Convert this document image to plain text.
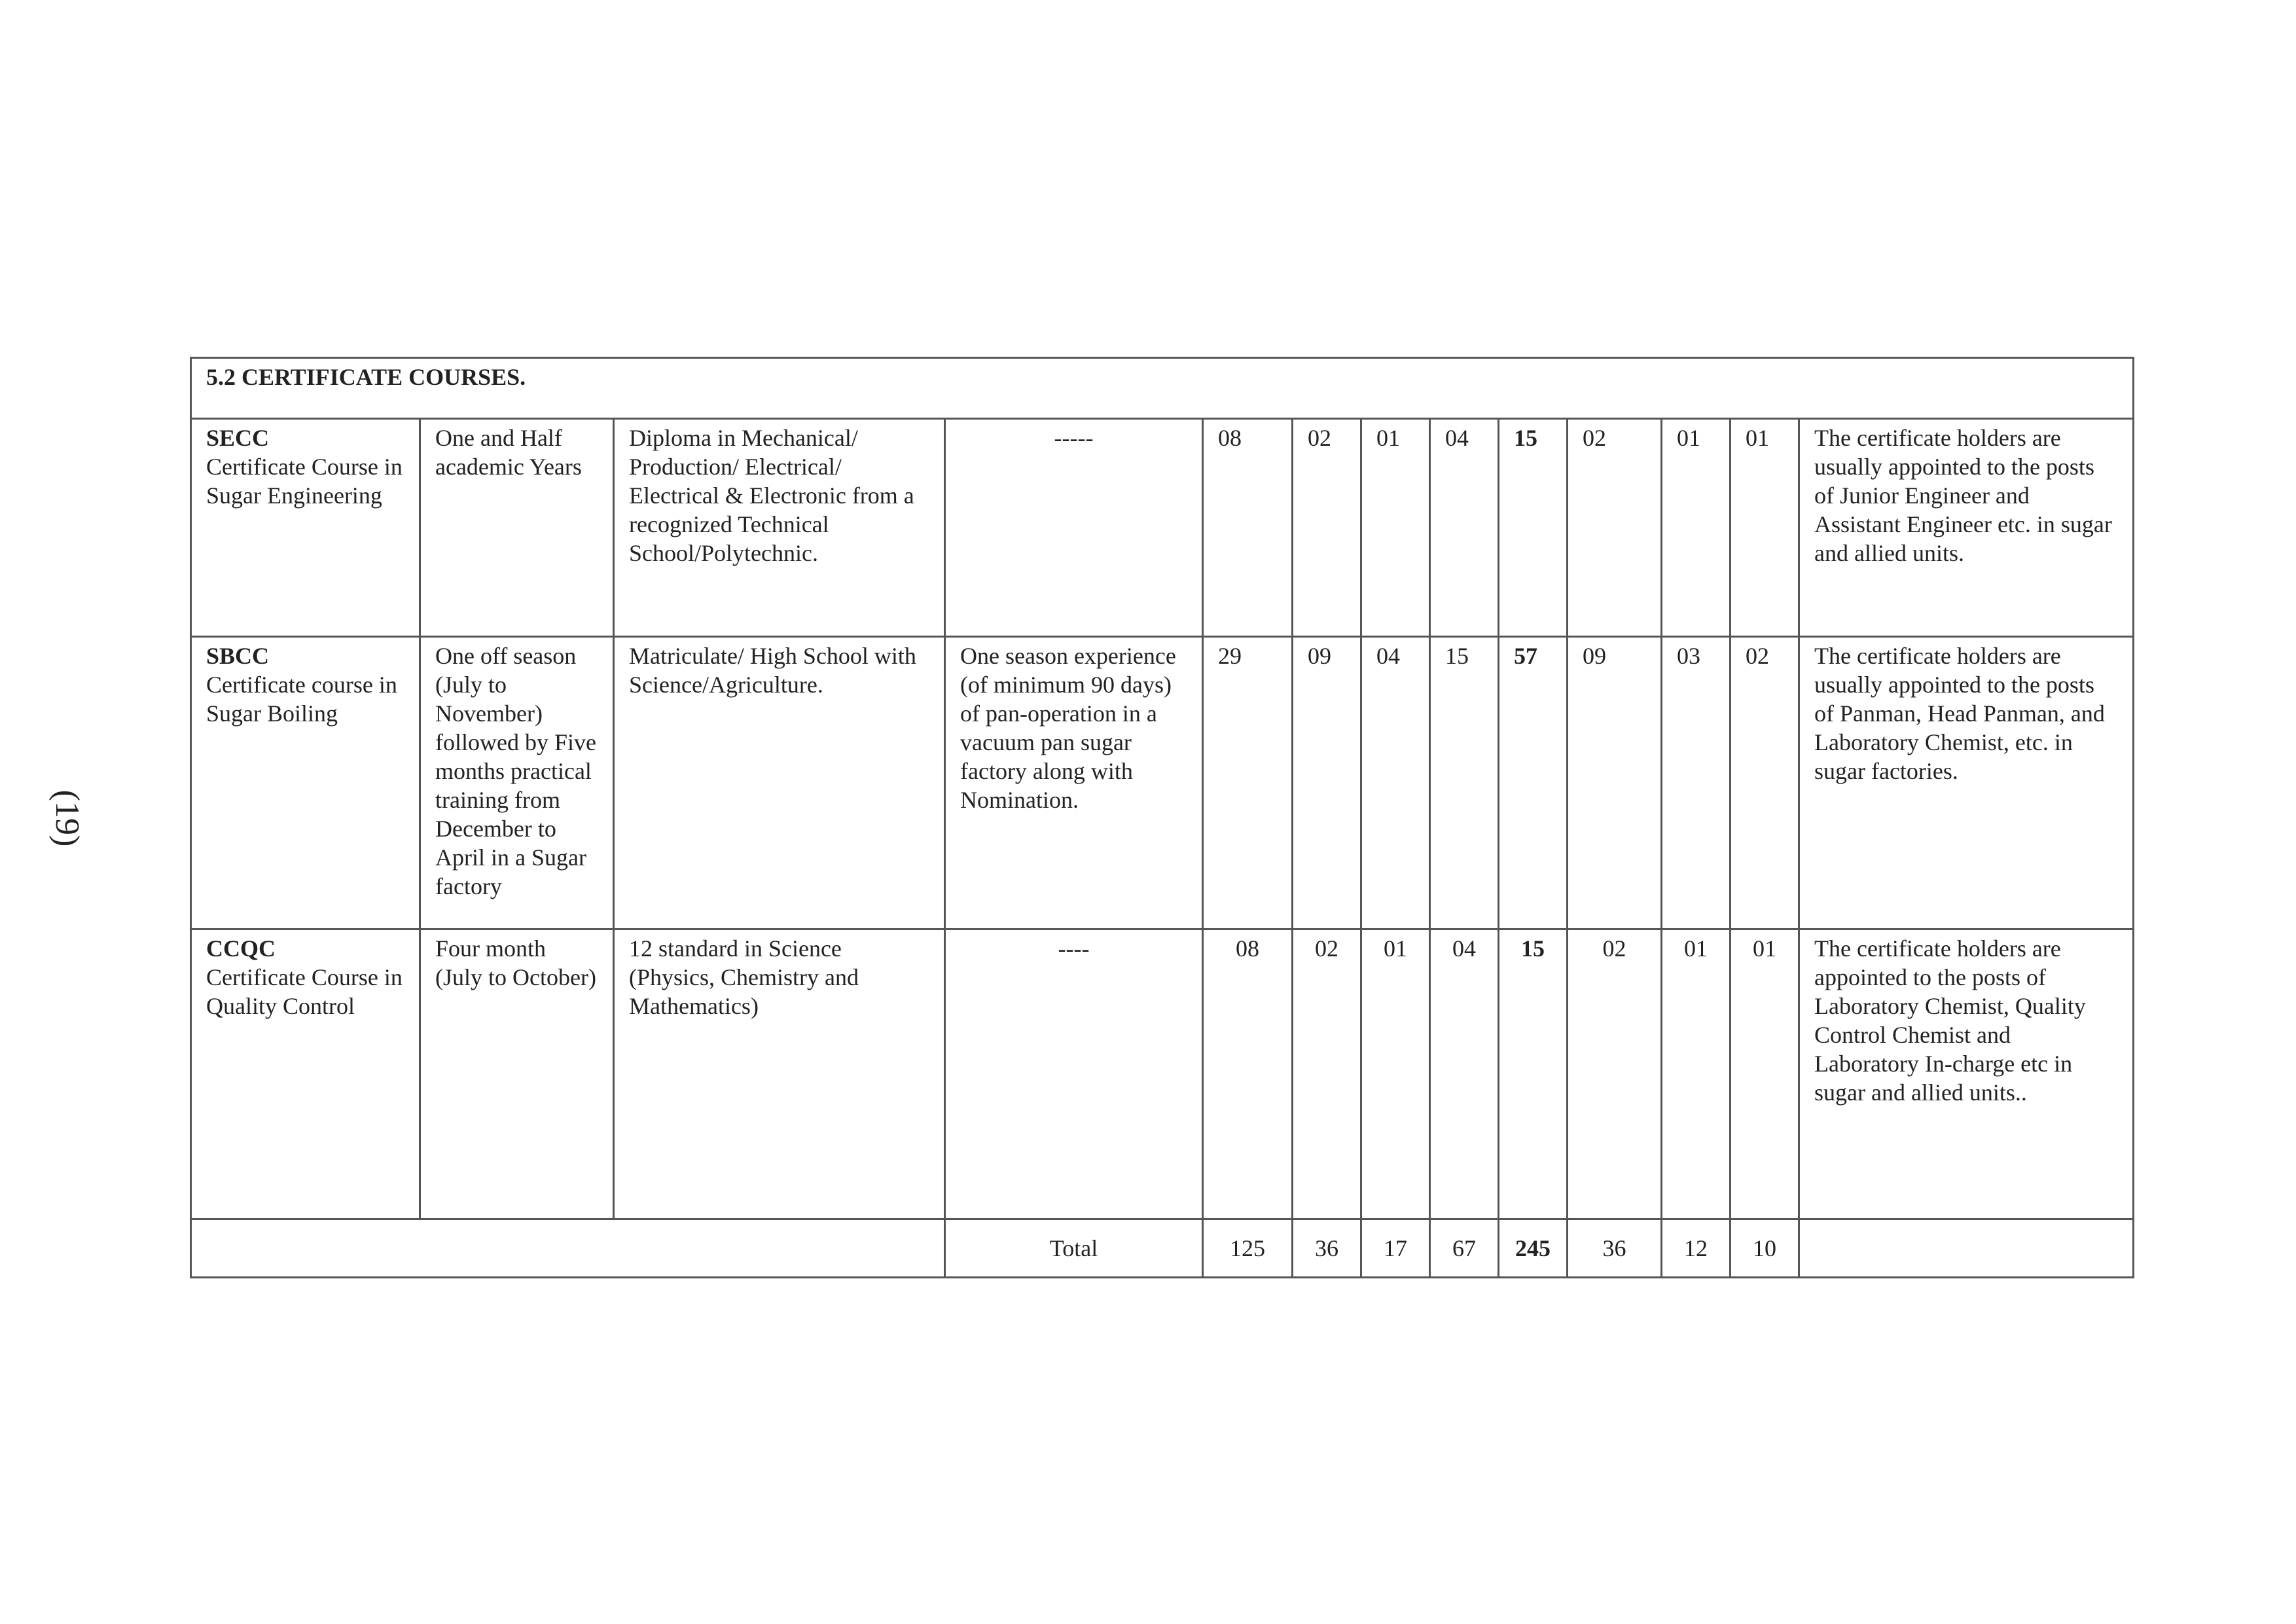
(19)
5.2 CERTIFICATE COURSES.												

SECC
Certificate Course in Sugar Engineering	One and Half academic Years	Diploma in Mechanical/ Production/ Electrical/ Electrical & Electronic from a recognized Technical School/Polytechnic.	-----	08	02	01	04	15	02	01	01	The certificate holders are usually appointed to the posts of Junior Engineer and Assistant Engineer etc. in sugar and allied units.

SBCC
Certificate course in Sugar Boiling	One off season (July to November) followed by Five months practical training from December to April in a Sugar factory	Matriculate/ High School with Science/Agriculture.	One season experience (of minimum 90 days) of pan-operation in a vacuum pan sugar factory along with Nomination.	29	09	04	15	57	09	03	02	The certificate holders are usually appointed to the posts of Panman, Head Panman, and Laboratory Chemist, etc. in sugar factories.

CCQC
Certificate Course in Quality Control	Four month (July to October)	12 standard in Science (Physics, Chemistry and Mathematics)	----	08	02	01	04	15	02	01	01	The certificate holders are appointed to the posts of Laboratory Chemist, Quality Control Chemist and Laboratory In-charge etc in sugar and allied units..
			Total	125	36	17	67	245	36	12	10	
